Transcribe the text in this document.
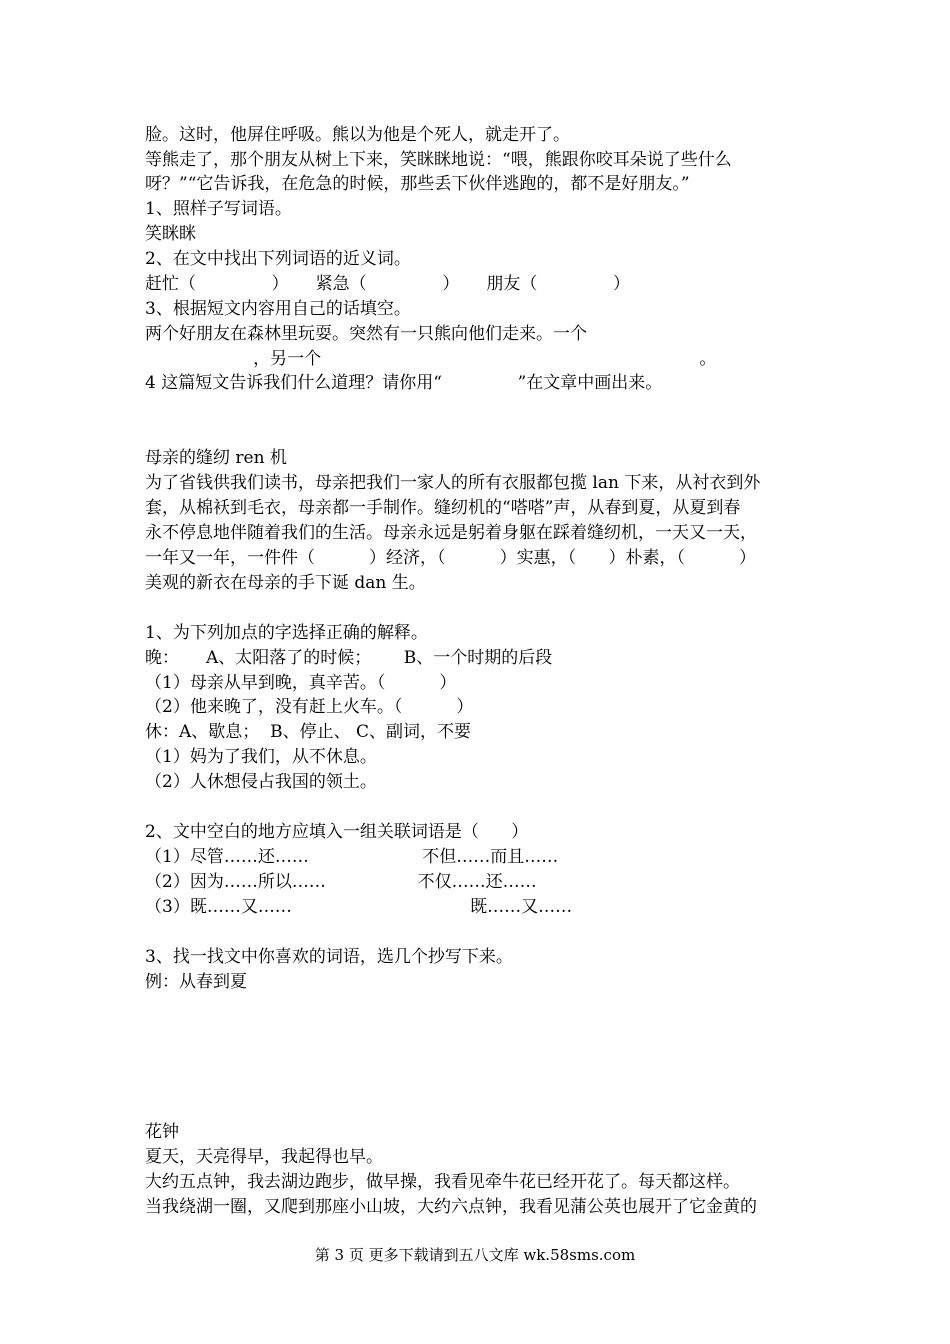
脸。这时，他屏住呼吸。熊以为他是个死人，就走开了。
等熊走了，那个朋友从树上下来，笑眯眯地说：“喂，熊跟你咬耳朵说了些什么
呀？”“它告诉我，在危急的时候，那些丢下伙伴逃跑的，都不是好朋友。”
1、照样子写词语。
笑眯眯
2、在文中找出下列词语的近义词。
赶忙（              ）     紧急（              ）     朋友（              ）
3、根据短文内容用自己的话填空。
两个好朋友在森林里玩耍。突然有一只熊向他们走来。一个
，另一个                                                                      。
4 这篇短文告诉我们什么道理？请你用“              ”在文章中画出来。
母亲的缝纫 ren 机
为了省钱供我们读书，母亲把我们一家人的所有衣服都包揽 lan 下来，从衬衣到外
套，从棉袄到毛衣，母亲都一手制作。缝纫机的“嗒嗒”声，从春到夏，从夏到春
永不停息地伴随着我们的生活。母亲永远是躬着身躯在踩着缝纫机，一天又一天，
一年又一年，一件件（          ）经济，（          ）实惠，（      ）朴素，（          ）
美观的新衣在母亲的手下诞 dan 生。
1、为下列加点的字选择正确的解释。
晚：     A、太阳落了的时候；      B、一个时期的后段
（1）母亲从早到晚，真辛苦。（          ）
（2）他来晚了，没有赶上火车。（          ）
休：A、歇息；  B、停止、 C、副词，不要
（1）妈为了我们，从不休息。
（2）人休想侵占我国的领土。
2、文中空白的地方应填入一组关联词语是（      ）
（1）尽管……还……                     不但……而且……
（2）因为……所以……                 不仅……还……
（3）既……又……                                 既……又……
3、找一找文中你喜欢的词语，选几个抄写下来。
例：从春到夏
花钟
夏天，天亮得早，我起得也早。
大约五点钟，我去湖边跑步，做早操，我看见牵牛花已经开花了。每天都这样。
当我绕湖一圈，又爬到那座小山坡，大约六点钟，我看见蒲公英也展开了它金黄的
第 3 页 更多下载请到五八文库 wk.58sms.com
